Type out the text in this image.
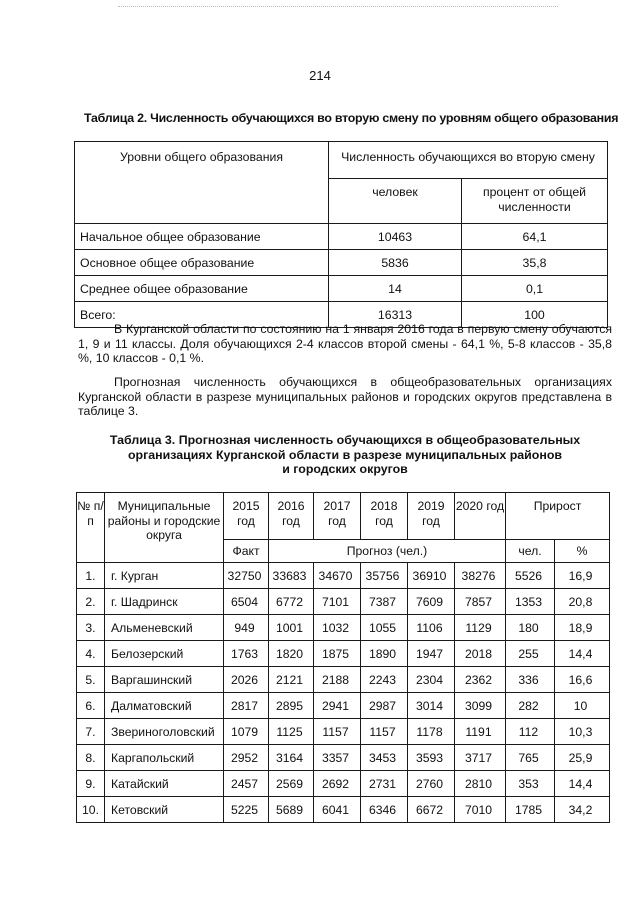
214
Таблица 2. Численность обучающихся во вторую смену по уровням общего образования
Уровни общего образования	Численность обучающихся во вторую смену	
	человек	процент от общей численности
Начальное общее образование	10463	64,1
Основное общее образование	5836	35,8
Среднее общее образование	14	0,1
Всего:	16313	100
В Курганской области по состоянию на 1 января 2016 года в первую смену обучаются 1, 9 и 11 классы. Доля обучающихся 2-4 классов второй смены - 64,1 %, 5-8 классов - 35,8 %, 10 классов - 0,1 %.
Прогнозная численность обучающихся в общеобразовательных организациях Курганской области в разрезе муниципальных районов и городских округов представлена в таблице 3.
Таблица 3. Прогнозная численность обучающихся в общеобразовательных
организациях Курганской области в разрезе муниципальных районов
и городских округов
№ п/п	Муниципальные районы и городские округа	2015 год	2016 год	2017 год	2018 год	2019 год	2020 год	Прирост	
		Факт	Прогноз (чел.)					чел.	%
1.	г. Курган	32750	33683	34670	35756	36910	38276	5526	16,9
2.	г. Шадринск	6504	6772	7101	7387	7609	7857	1353	20,8
3.	Альменевский	949	1001	1032	1055	1106	1129	180	18,9
4.	Белозерский	1763	1820	1875	1890	1947	2018	255	14,4
5.	Варгашинский	2026	2121	2188	2243	2304	2362	336	16,6
6.	Далматовский	2817	2895	2941	2987	3014	3099	282	10
7.	Звериноголовский	1079	1125	1157	1157	1178	1191	112	10,3
8.	Каргапольский	2952	3164	3357	3453	3593	3717	765	25,9
9.	Катайский	2457	2569	2692	2731	2760	2810	353	14,4
10.	Кетовский	5225	5689	6041	6346	6672	7010	1785	34,2
